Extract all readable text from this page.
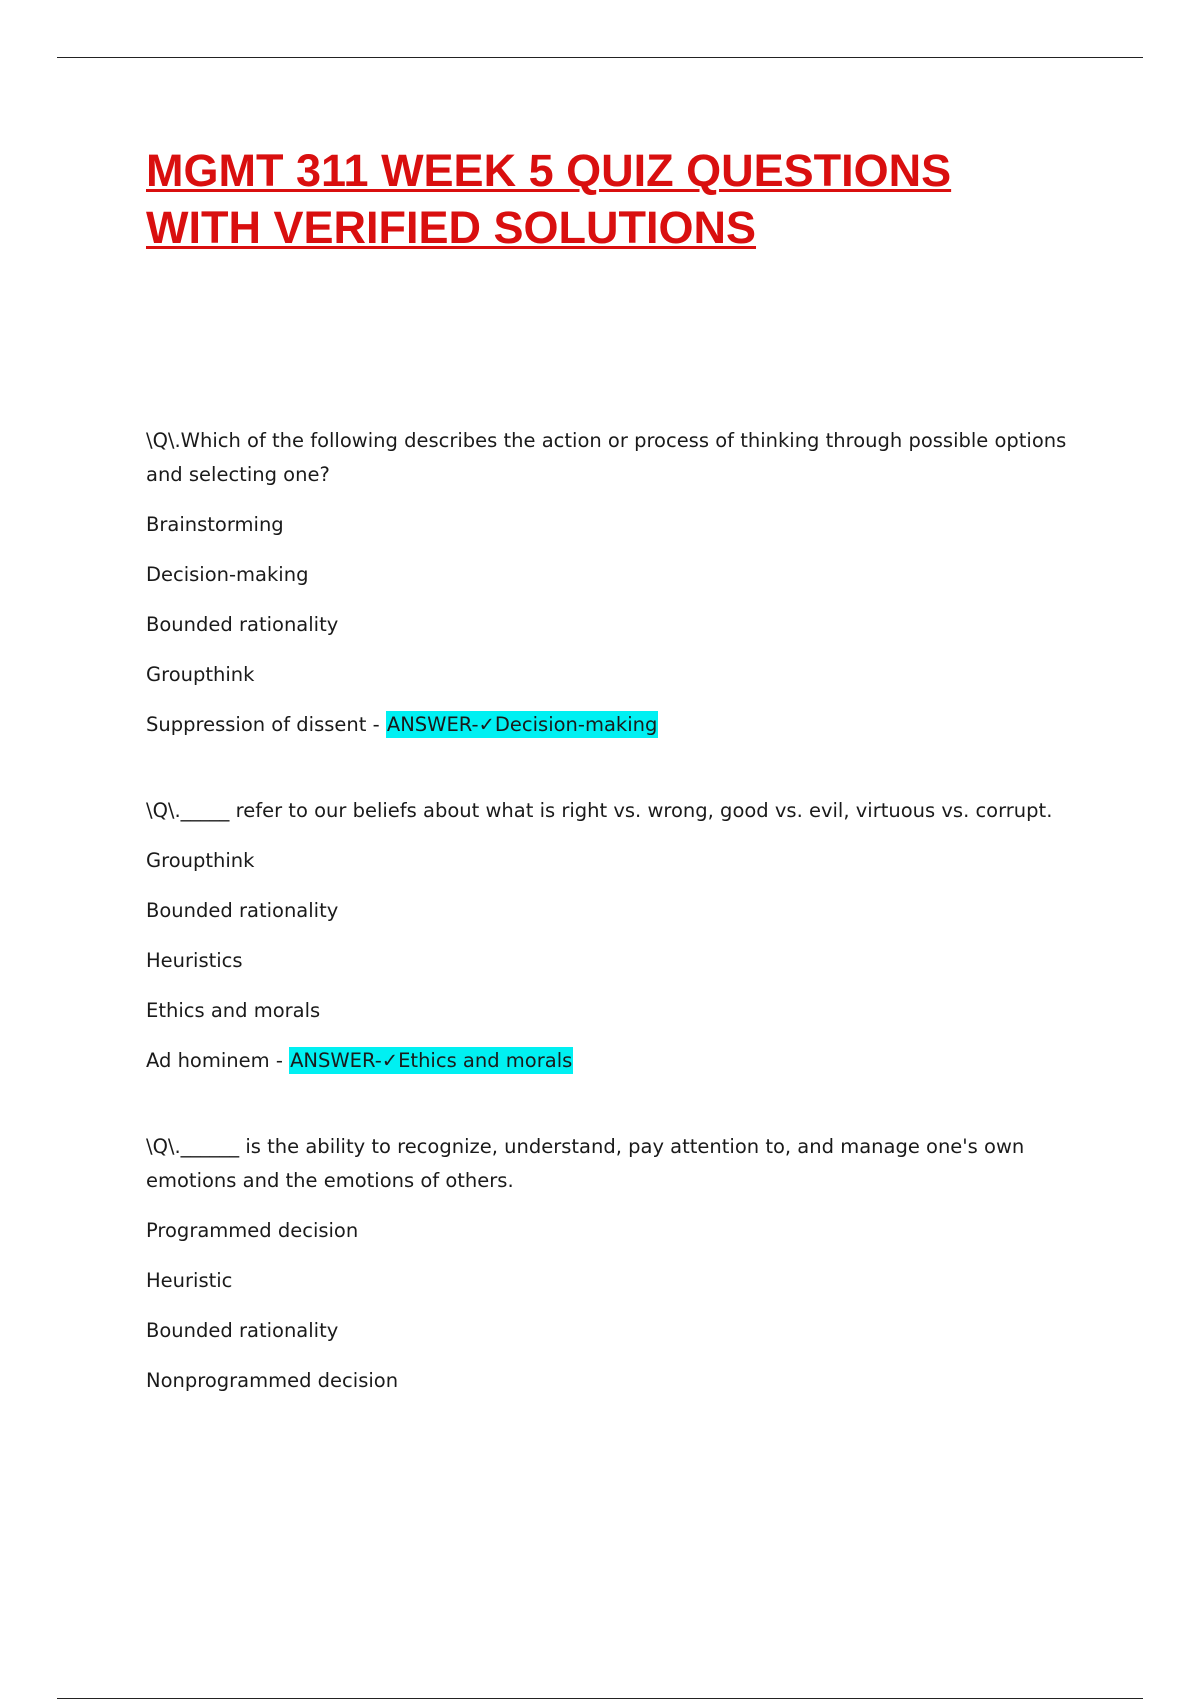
MGMT 311 WEEK 5 QUIZ QUESTIONS
WITH VERIFIED SOLUTIONS

\Q\.Which of the following describes the action or process of thinking through possible options and selecting one?

Brainstorming

Decision-making

Bounded rationality

Groupthink

Suppression of dissent - ANSWER-✓Decision-making

\Q\._____ refer to our beliefs about what is right vs. wrong, good vs. evil, virtuous vs. corrupt.

Groupthink

Bounded rationality

Heuristics

Ethics and morals

Ad hominem - ANSWER-✓Ethics and morals

\Q\.______ is the ability to recognize, understand, pay attention to, and manage one's own emotions and the emotions of others.

Programmed decision

Heuristic

Bounded rationality

Nonprogrammed decision
